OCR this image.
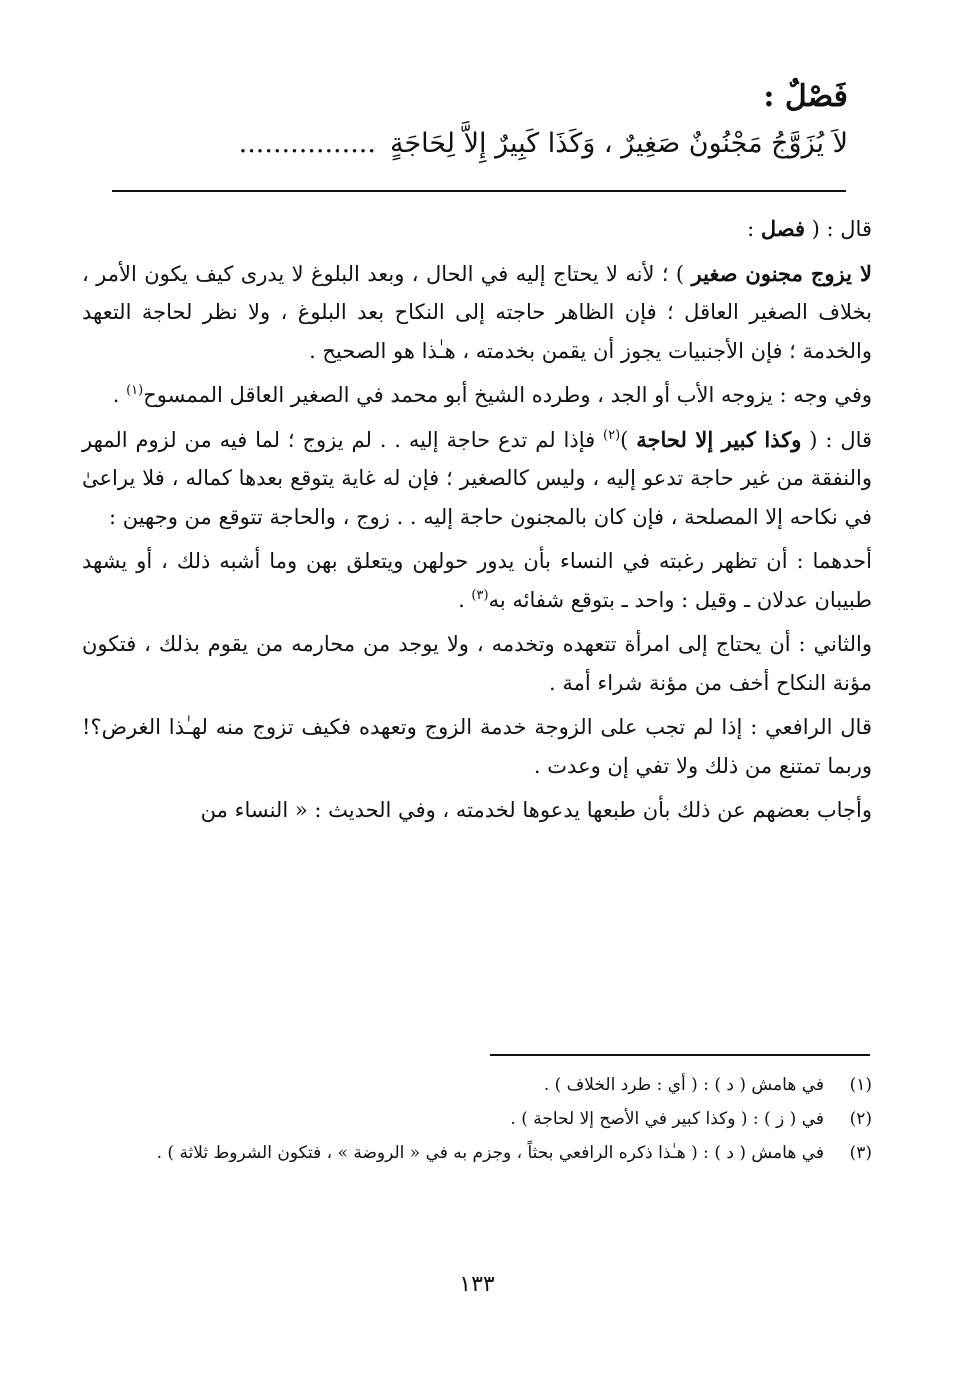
فَصْلٌ :
لاَ يُزَوَّجُ مَجْنُونٌ صَغِيرٌ ، وَكَذَا كَبِيرٌ إِلاَّ لِحَاجَةٍ................

قال : ( فصل :

لا يزوج مجنون صغير ) ؛ لأنه لا يحتاج إليه في الحال ، وبعد البلوغ لا يدرى كيف يكون الأمر ، بخلاف الصغير العاقل ؛ فإن الظاهر حاجته إلى النكاح بعد البلوغ ، ولا نظر لحاجة التعهد والخدمة ؛ فإن الأجنبيات يجوز أن يقمن بخدمته ، هـٰذا هو الصحيح .

وفي وجه : يزوجه الأب أو الجد ، وطرده الشيخ أبو محمد في الصغير العاقل الممسوح$^{(١)}$ .

قال : ( وكذا كبير إلا لحاجة )$^{(٢)}$ فإذا لم تدع حاجة إليه . . لم يزوج ؛ لما فيه من لزوم المهر والنفقة من غير حاجة تدعو إليه ، وليس كالصغير ؛ فإن له غاية يتوقع بعدها كماله ، فلا يراعىٰ في نكاحه إلا المصلحة ، فإن كان بالمجنون حاجة إليه . . زوج ، والحاجة تتوقع من وجهين :

أحدهما : أن تظهر رغبته في النساء بأن يدور حولهن ويتعلق بهن وما أشبه ذلك ، أو يشهد طبيبان عدلان ـ وقيل : واحد ـ بتوقع شفائه به$^{(٣)}$ .

والثاني : أن يحتاج إلى امرأة تتعهده وتخدمه ، ولا يوجد من محارمه من يقوم بذلك ، فتكون مؤنة النكاح أخف من مؤنة شراء أمة .

قال الرافعي : إذا لم تجب على الزوجة خدمة الزوج وتعهده فكيف تزوج منه لهـٰذا الغرض؟! وربما تمتنع من ذلك ولا تفي إن وعدت .

وأجاب بعضهم عن ذلك بأن طبعها يدعوها لخدمته ، وفي الحديث : « النساء من

(١)
في هامش ( د ) : ( أي : طرد الخلاف ) .
(٢)
في ( ز ) : ( وكذا كبير في الأصح إلا لحاجة ) .
(٣)
في هامش ( د ) : ( هـٰذا ذكره الرافعي بحثاً ، وجزم به في « الروضة » ، فتكون الشروط ثلاثة ) .
١٣٣
